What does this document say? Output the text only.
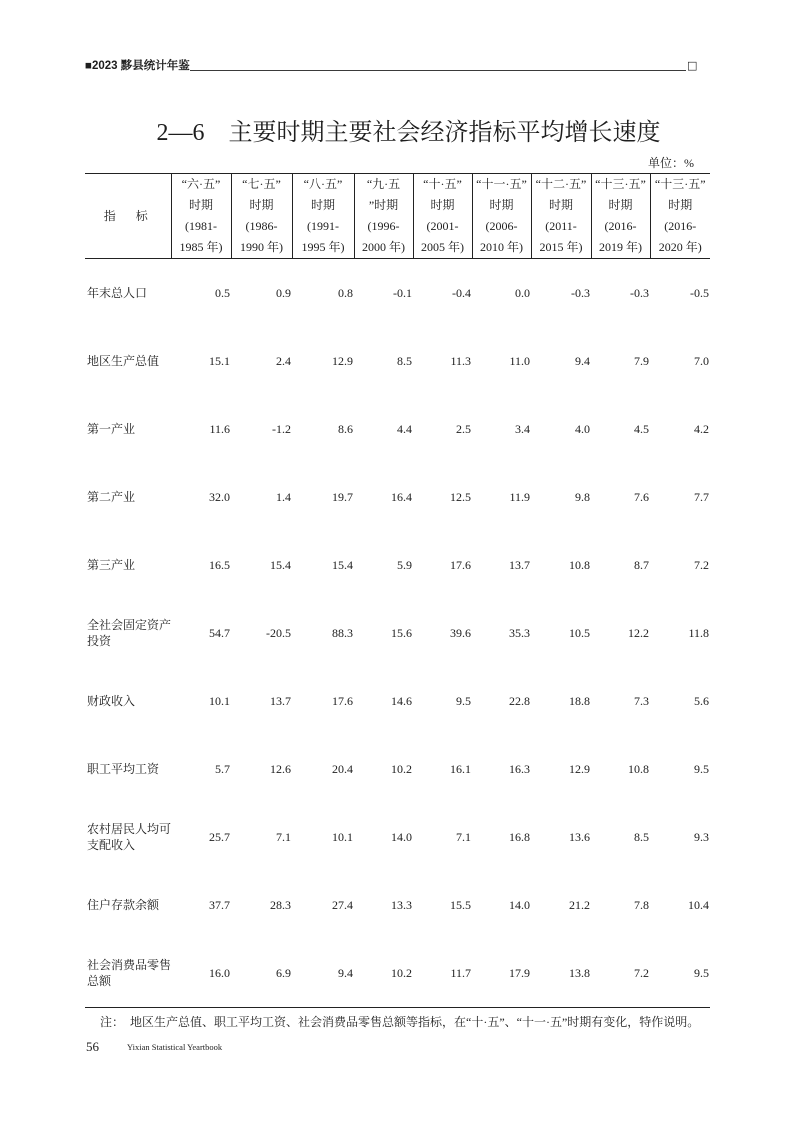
■2023 黟县统计年鉴	□
2—6　主要时期主要社会经济指标平均增长速度
单位：%
指　标	“六·五”
时期
(1981-
1985 年)	“七·五”
时期
(1986-
1990 年)	“八·五”
时期
(1991-
1995 年)	“九·五
”时期
(1996-
2000 年)	“十·五”
时期
(2001-
2005 年)	“十一·五”
时期
(2006-
2010 年)	“十二·五”
时期
(2011-
2015 年)	“十三·五”
时期
(2016-
2019 年)	“十三·五”
时期
(2016-
2020 年)

年末总人口	0.5	0.9	0.8	-0.1	-0.4	0.0	-0.3	-0.3	-0.5
地区生产总值	15.1	2.4	12.9	8.5	11.3	11.0	9.4	7.9	7.0
第一产业	11.6	-1.2	8.6	4.4	2.5	3.4	4.0	4.5	4.2
第二产业	32.0	1.4	19.7	16.4	12.5	11.9	9.8	7.6	7.7
第三产业	16.5	15.4	15.4	5.9	17.6	13.7	10.8	8.7	7.2
全社会固定资产
投资	54.7	-20.5	88.3	15.6	39.6	35.3	10.5	12.2	11.8
财政收入	10.1	13.7	17.6	14.6	9.5	22.8	18.8	7.3	5.6
职工平均工资	5.7	12.6	20.4	10.2	16.1	16.3	12.9	10.8	9.5
农村居民人均可
支配收入	25.7	7.1	10.1	14.0	7.1	16.8	13.6	8.5	9.3
住户存款余额	37.7	28.3	27.4	13.3	15.5	14.0	21.2	7.8	10.4
社会消费品零售
总额	16.0	6.9	9.4	10.2	11.7	17.9	13.8	7.2	9.5
注： 地区生产总值、职工平均工资、社会消费品零售总额等指标，在“十·五”、“十一·五”时期有变化，特作说明。
56	Yixian Statistical Yeartbook
